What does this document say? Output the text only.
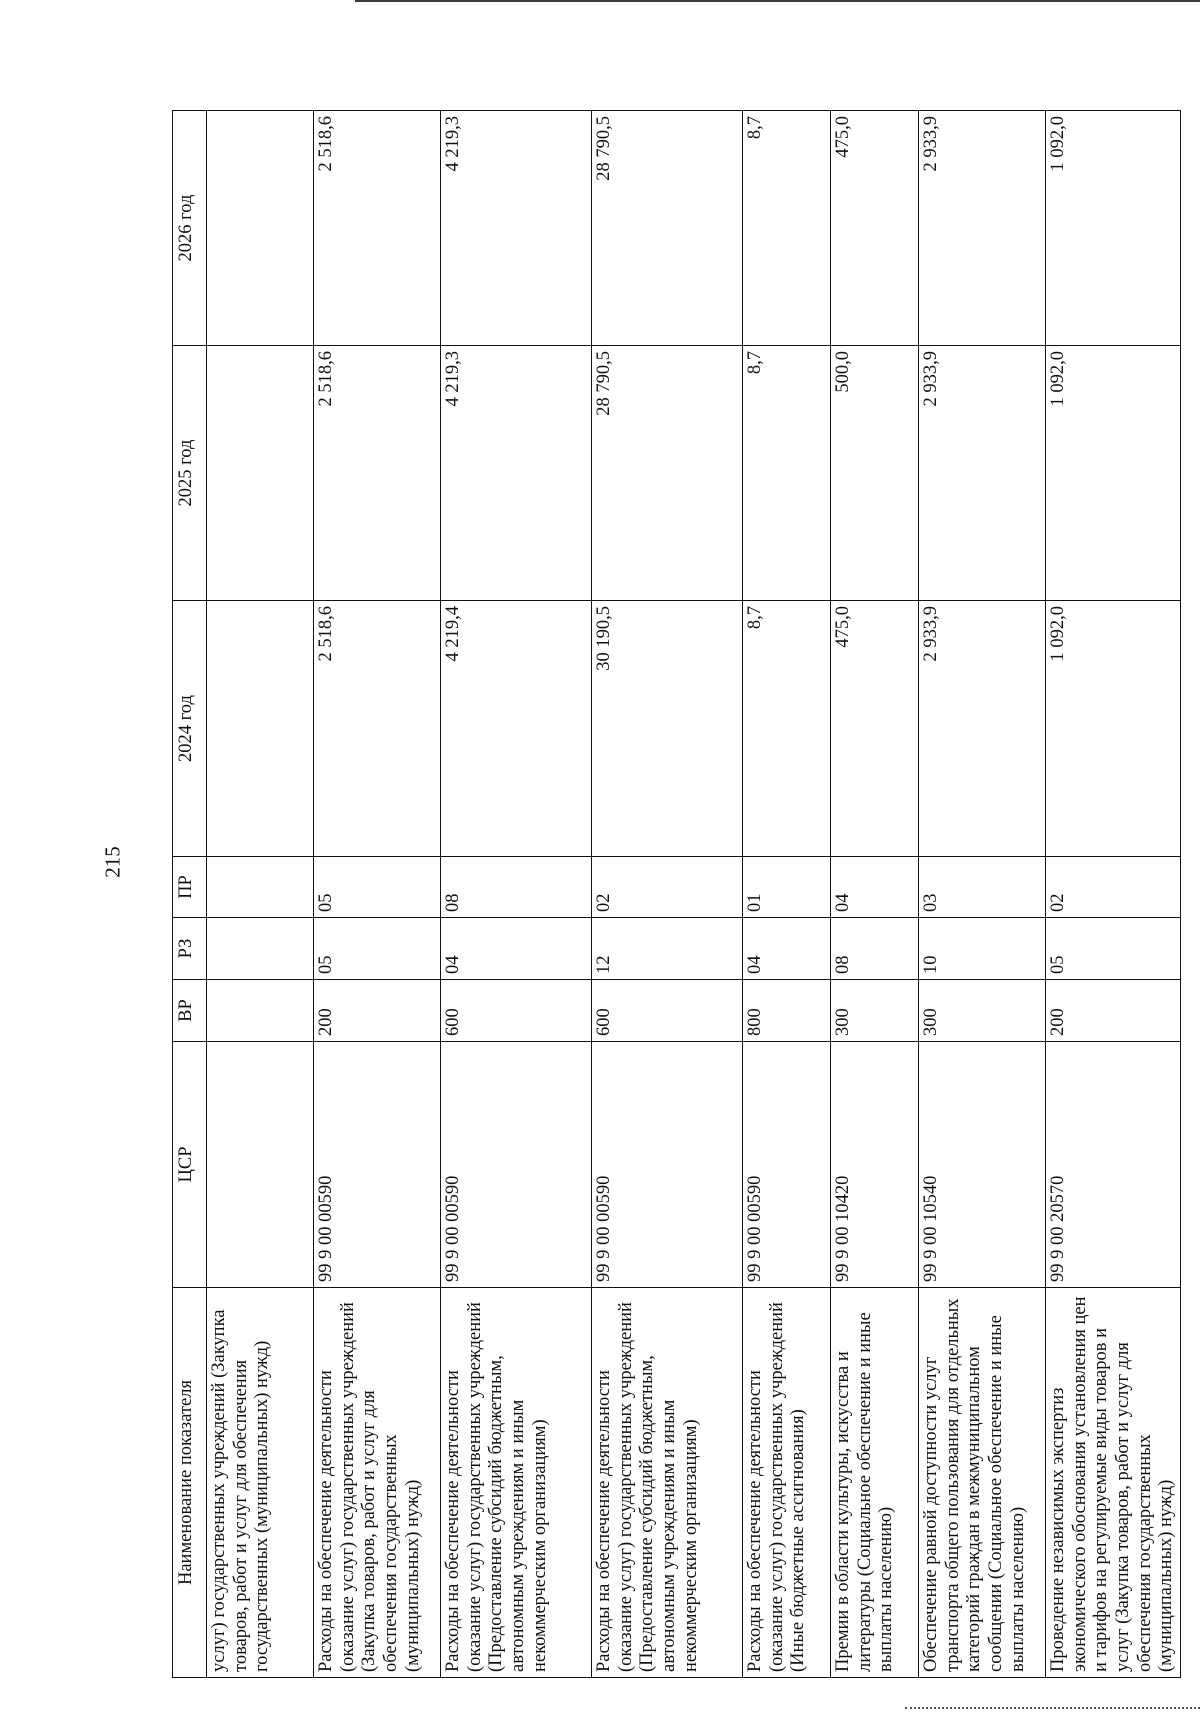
215
Наименование показателя	ЦСР	ВР	РЗ	ПР	2024 год	2025 год	2026 год
услуг) государственных учреждений (Закупка товаров, работ и услуг для обеспечения государственных (муниципальных) нужд)							
Расходы на обеспечение деятельности (оказание услуг) государственных учреждений (Закупка товаров, работ и услуг для обеспечения государственных (муниципальных) нужд)	99 9 00 00590	200	05	05	2 518,6	2 518,6	2 518,6
Расходы на обеспечение деятельности (оказание услуг) государственных учреждений (Предоставление субсидий бюджетным, автономным учреждениям и иным некоммерческим организациям)	99 9 00 00590	600	04	08	4 219,4	4 219,3	4 219,3
Расходы на обеспечение деятельности (оказание услуг) государственных учреждений (Предоставление субсидий бюджетным, автономным учреждениям и иным некоммерческим организациям)	99 9 00 00590	600	12	02	30 190,5	28 790,5	28 790,5
Расходы на обеспечение деятельности (оказание услуг) государственных учреждений (Иные бюджетные ассигнования)	99 9 00 00590	800	04	01	8,7	8,7	8,7
Премии в области культуры, искусства и литературы (Социальное обеспечение и иные выплаты населению)	99 9 00 10420	300	08	04	475,0	500,0	475,0
Обеспечение равной доступности услуг транспорта общего пользования для отдельных категорий граждан в межмуниципальном сообщении (Социальное обеспечение и иные выплаты населению)	99 9 00 10540	300	10	03	2 933,9	2 933,9	2 933,9
Проведение независимых экспертиз экономического обоснования установления цен и тарифов на регулируемые виды товаров и услуг (Закупка товаров, работ и услуг для обеспечения государственных (муниципальных) нужд)	99 9 00 20570	200	05	02	1 092,0	1 092,0	1 092,0
